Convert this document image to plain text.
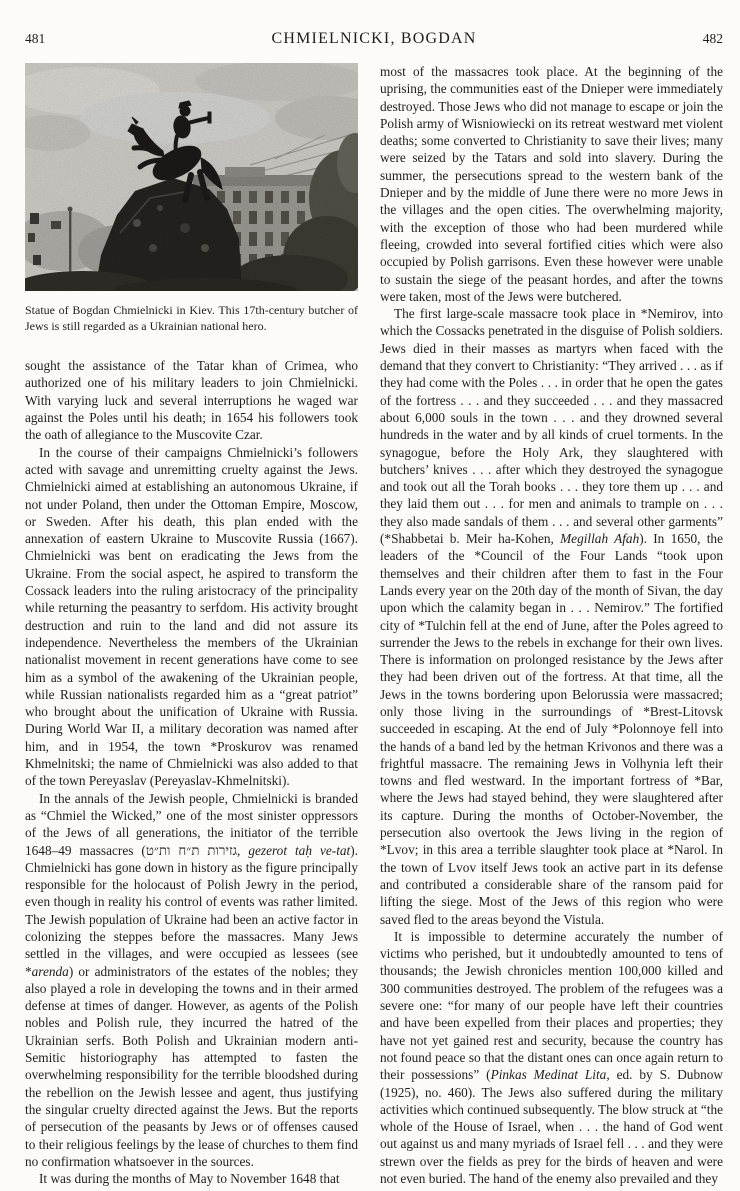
481	CHMIELNICKI, BOGDAN	482
Statue of Bogdan Chmielnicki in Kiev. This 17th-century butcher of Jews is still regarded as a Ukrainian national hero.

sought the assistance of the Tatar khan of Crimea, who authorized one of his military leaders to join Chmielnicki. With varying luck and several interruptions he waged war against the Poles until his death; in 1654 his followers took the oath of allegiance to the Muscovite Czar.

In the course of their campaigns Chmielnicki’s followers acted with savage and unremitting cruelty against the Jews. Chmielnicki aimed at establishing an autonomous Ukraine, if not under Poland, then under the Ottoman Empire, Moscow, or Sweden. After his death, this plan ended with the annexation of eastern Ukraine to Muscovite Russia (1667). Chmielnicki was bent on eradicating the Jews from the Ukraine. From the social aspect, he aspired to transform the Cossack leaders into the ruling aristocracy of the principality while returning the peasantry to serfdom. His activity brought destruction and ruin to the land and did not assure its independence. Nevertheless the members of the Ukrainian nationalist movement in recent generations have come to see him as a symbol of the awakening of the Ukrainian people, while Russian nationalists regarded him as a “great patriot” who brought about the unification of Ukraine with Russia. During World War II, a military decoration was named after him, and in 1954, the town *Proskurov was renamed Khmelnitski; the name of Chmielnicki was also added to that of the town Pereyaslav (Pereyaslav-Khmelnitski).

In the annals of the Jewish people, Chmielnicki is branded as “Chmiel the Wicked,” one of the most sinister oppressors of the Jews of all generations, the initiator of the terrible 1648–49 massacres (גזירות ת״ח ות״ט, gezerot taḥ ve-tat). Chmielnicki has gone down in history as the figure principally responsible for the holocaust of Polish Jewry in the period, even though in reality his control of events was rather limited. The Jewish population of Ukraine had been an active factor in colonizing the steppes before the massacres. Many Jews settled in the villages, and were occupied as lessees (see *arenda) or administrators of the estates of the nobles; they also played a role in developing the towns and in their armed defense at times of danger. However, as agents of the Polish nobles and Polish rule, they incurred the hatred of the Ukrainian serfs. Both Polish and Ukrainian modern anti-Semitic historiography has attempted to fasten the overwhelming responsibility for the terrible bloodshed during the rebellion on the Jewish lessee and agent, thus justifying the singular cruelty directed against the Jews. But the reports of persecution of the peasants by Jews or of offenses caused to their religious feelings by the lease of churches to them find no confirmation whatsoever in the sources.

It was during the months of May to November 1648 that

most of the massacres took place. At the beginning of the uprising, the communities east of the Dnieper were immediately destroyed. Those Jews who did not manage to escape or join the Polish army of Wisniowiecki on its retreat westward met violent deaths; some converted to Christianity to save their lives; many were seized by the Tatars and sold into slavery. During the summer, the persecutions spread to the western bank of the Dnieper and by the middle of June there were no more Jews in the villages and the open cities. The overwhelming majority, with the exception of those who had been murdered while fleeing, crowded into several fortified cities which were also occupied by Polish garrisons. Even these however were unable to sustain the siege of the peasant hordes, and after the towns were taken, most of the Jews were butchered.

The first large-scale massacre took place in *Nemirov, into which the Cossacks penetrated in the disguise of Polish soldiers. Jews died in their masses as martyrs when faced with the demand that they convert to Christianity: “They arrived . . . as if they had come with the Poles . . . in order that he open the gates of the fortress . . . and they succeeded . . . and they massacred about 6,000 souls in the town . . . and they drowned several hundreds in the water and by all kinds of cruel torments. In the synagogue, before the Holy Ark, they slaughtered with butchers’ knives . . . after which they destroyed the synagogue and took out all the Torah books . . . they tore them up . . . and they laid them out . . . for men and animals to trample on . . . they also made sandals of them . . . and several other garments” (*Shabbetai b. Meir ha-Kohen, Megillah Afah). In 1650, the leaders of the *Council of the Four Lands “took upon themselves and their children after them to fast in the Four Lands every year on the 20th day of the month of Sivan, the day upon which the calamity began in . . . Nemirov.” The fortified city of *Tulchin fell at the end of June, after the Poles agreed to surrender the Jews to the rebels in exchange for their own lives. There is information on prolonged resistance by the Jews after they had been driven out of the fortress. At that time, all the Jews in the towns bordering upon Belorussia were massacred; only those living in the surroundings of *Brest-Litovsk succeeded in escaping. At the end of July *Polonnoye fell into the hands of a band led by the hetman Krivonos and there was a frightful massacre. The remaining Jews in Volhynia left their towns and fled westward. In the important fortress of *Bar, where the Jews had stayed behind, they were slaughtered after its capture. During the months of October-November, the persecution also overtook the Jews living in the region of *Lvov; in this area a terrible slaughter took place at *Narol. In the town of Lvov itself Jews took an active part in its defense and contributed a considerable share of the ransom paid for lifting the siege. Most of the Jews of this region who were saved fled to the areas beyond the Vistula.

It is impossible to determine accurately the number of victims who perished, but it undoubtedly amounted to tens of thousands; the Jewish chronicles mention 100,000 killed and 300 communities destroyed. The problem of the refugees was a severe one: “for many of our people have left their countries and have been expelled from their places and properties; they have not yet gained rest and security, because the country has not found peace so that the distant ones can once again return to their possessions” (Pinkas Medinat Lita, ed. by S. Dubnow (1925), no. 460). The Jews also suffered during the military activities which continued subsequently. The blow struck at “the whole of the House of Israel, when . . . the hand of God went out against us and many myriads of Israel fell . . . and they were strewn over the fields as prey for the birds of heaven and were not even buried. The hand of the enemy also prevailed and they
